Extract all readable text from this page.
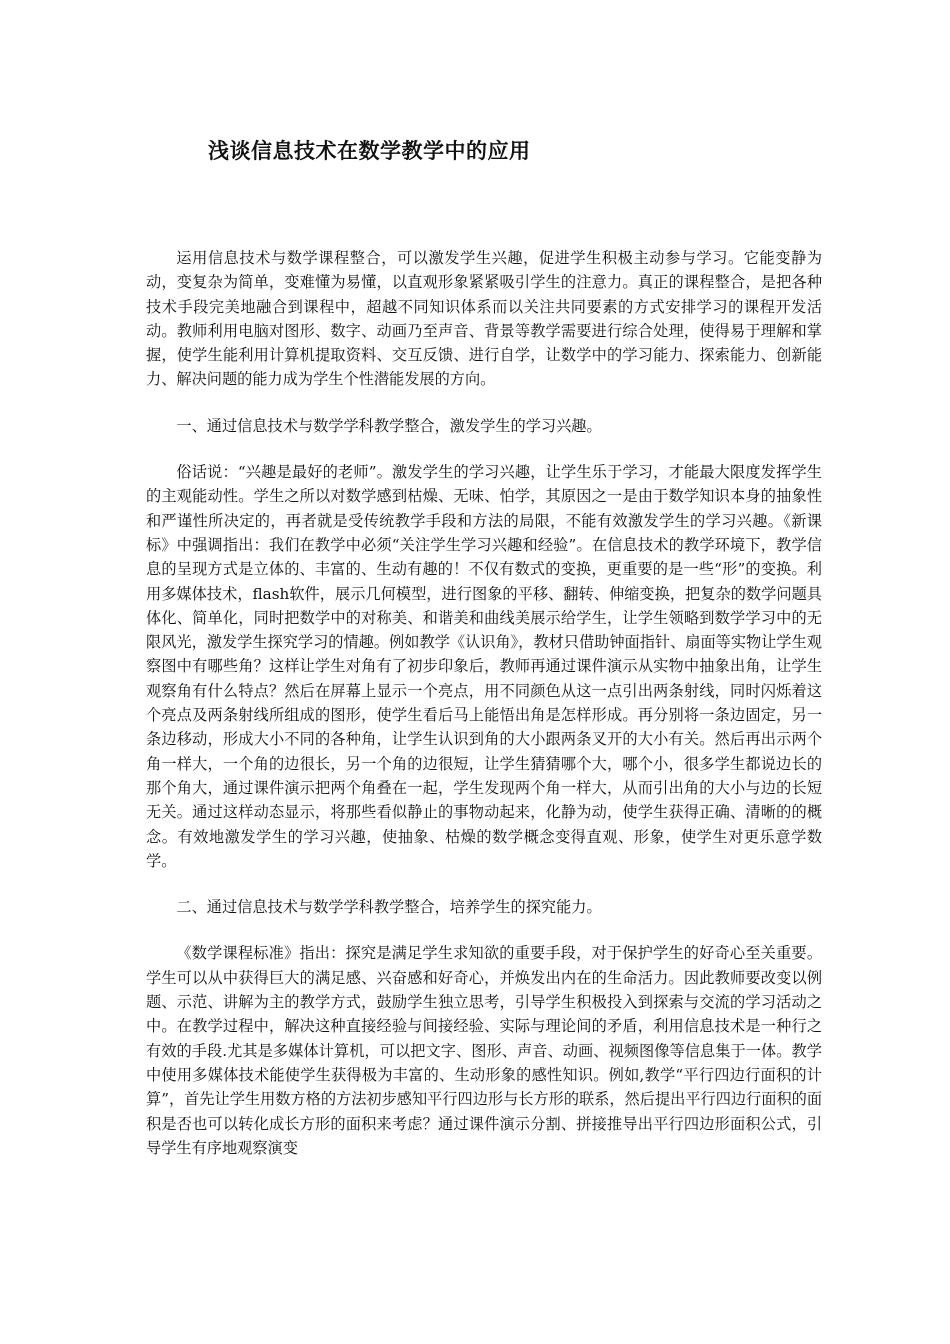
浅谈信息技术在数学教学中的应用

运用信息技术与数学课程整合，可以激发学生兴趣，促进学生积极主动参与学习。它能变静为动，变复杂为简单，变难懂为易懂，以直观形象紧紧吸引学生的注意力。真正的课程整合，是把各种技术手段完美地融合到课程中，超越不同知识体系而以关注共同要素的方式安排学习的课程开发活动。教师利用电脑对图形、数字、动画乃至声音、背景等教学需要进行综合处理，使得易于理解和掌握，使学生能利用计算机提取资料、交互反馈、进行自学，让数学中的学习能力、探索能力、创新能力、解决问题的能力成为学生个性潜能发展的方向。

一、通过信息技术与数学学科教学整合，激发学生的学习兴趣。

俗话说：“兴趣是最好的老师”。激发学生的学习兴趣，让学生乐于学习，才能最大限度发挥学生的主观能动性。学生之所以对数学感到枯燥、无味、怕学，其原因之一是由于数学知识本身的抽象性和严谨性所决定的，再者就是受传统教学手段和方法的局限，不能有效激发学生的学习兴趣。《新课标》中强调指出：我们在教学中必须“关注学生学习兴趣和经验”。在信息技术的教学环境下，教学信息的呈现方式是立体的、丰富的、生动有趣的！不仅有数式的变换，更重要的是一些“形”的变换。利用多媒体技术，flash软件，展示几何模型，进行图象的平移、翻转、伸缩变换，把复杂的数学问题具体化、简单化，同时把数学中的对称美、和谐美和曲线美展示给学生，让学生领略到数学学习中的无限风光，激发学生探究学习的情趣。例如教学《认识角》，教材只借助钟面指针、扇面等实物让学生观察图中有哪些角？这样让学生对角有了初步印象后，教师再通过课件演示从实物中抽象出角，让学生观察角有什么特点？然后在屏幕上显示一个亮点，用不同颜色从这一点引出两条射线，同时闪烁着这个亮点及两条射线所组成的图形，使学生看后马上能悟出角是怎样形成。再分别将一条边固定，另一条边移动，形成大小不同的各种角，让学生认识到角的大小跟两条叉开的大小有关。然后再出示两个角一样大，一个角的边很长，另一个角的边很短，让学生猜猜哪个大，哪个小，很多学生都说边长的那个角大，通过课件演示把两个角叠在一起，学生发现两个角一样大，从而引出角的大小与边的长短无关。通过这样动态显示，将那些看似静止的事物动起来，化静为动，使学生获得正确、清晰的的概念。有效地激发学生的学习兴趣，使抽象、枯燥的数学概念变得直观、形象，使学生对更乐意学数学。

二、通过信息技术与数学学科教学整合，培养学生的探究能力。

《数学课程标准》指出：探究是满足学生求知欲的重要手段，对于保护学生的好奇心至关重要。学生可以从中获得巨大的满足感、兴奋感和好奇心，并焕发出内在的生命活力。因此教师要改变以例题、示范、讲解为主的教学方式，鼓励学生独立思考，引导学生积极投入到探索与交流的学习活动之中。在教学过程中，解决这种直接经验与间接经验、实际与理论间的矛盾，利用信息技术是一种行之有效的手段.尤其是多媒体计算机，可以把文字、图形、声音、动画、视频图像等信息集于一体。教学中使用多媒体技术能使学生获得极为丰富的、生动形象的感性知识。例如,教学“平行四边行面积的计算”，首先让学生用数方格的方法初步感知平行四边形与长方形的联系，然后提出平行四边行面积的面积是否也可以转化成长方形的面积来考虑？通过课件演示分割、拼接推导出平行四边形面积公式，引导学生有序地观察演变
